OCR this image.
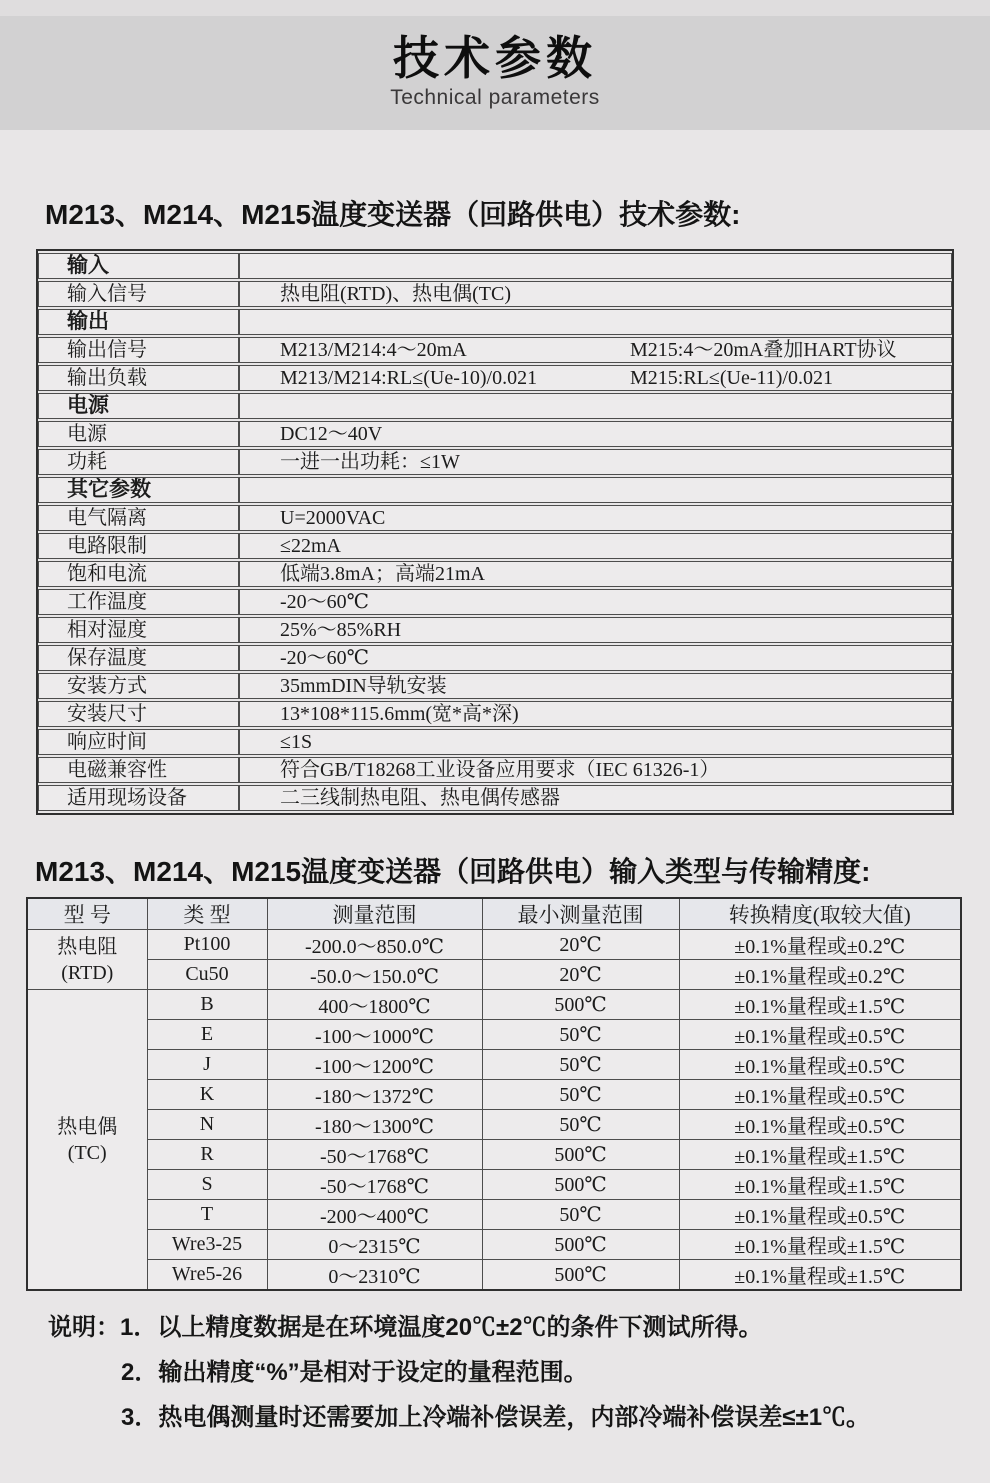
技术参数
Technical parameters
M213、M214、M215温度变送器（回路供电）技术参数:
输入	
输入信号	热电阻(RTD)、热电偶(TC)
输出	
输出信号	M213/M214:4～20mA M215:4～20mA叠加HART协议
输出负载	M213/M214:RL≤(Ue-10)/0.021 M215:RL≤(Ue-11)/0.021
电源	
电源	DC12～40V
功耗	一进一出功耗：≤1W
其它参数	
电气隔离	U=2000VAC
电路限制	≤22mA
饱和电流	低端3.8mA；高端21mA
工作温度	-20～60℃
相对湿度	25%～85%RH
保存温度	-20～60℃
安装方式	35mmDIN导轨安装
安装尺寸	13*108*115.6mm(宽*高*深)
响应时间	≤1S
电磁兼容性	符合GB/T18268工业设备应用要求（IEC 61326-1）
适用现场设备	二三线制热电阻、热电偶传感器
M213、M214、M215温度变送器（回路供电）输入类型与传输精度:
型 号	类 型	测量范围	最小测量范围	转换精度(取较大值)
热电阻
(RTD)	Pt100	-200.0～850.0℃	20℃	±0.1%量程或±0.2℃
	Cu50	-50.0～150.0℃	20℃	±0.1%量程或±0.2℃
热电偶
(TC)	B	400～1800℃	500℃	±0.1%量程或±1.5℃
	E	-100～1000℃	50℃	±0.1%量程或±0.5℃
	J	-100～1200℃	50℃	±0.1%量程或±0.5℃
	K	-180～1372℃	50℃	±0.1%量程或±0.5℃
	N	-180～1300℃	50℃	±0.1%量程或±0.5℃
	R	-50～1768℃	500℃	±0.1%量程或±1.5℃
	S	-50～1768℃	500℃	±0.1%量程或±1.5℃
	T	-200～400℃	50℃	±0.1%量程或±0.5℃
	Wre3-25	0～2315℃	500℃	±0.1%量程或±1.5℃
	Wre5-26	0～2310℃	500℃	±0.1%量程或±1.5℃
说明：1．以上精度数据是在环境温度20℃±2℃的条件下测试所得。
2．输出精度“%”是相对于设定的量程范围。
3．热电偶测量时还需要加上冷端补偿误差，内部冷端补偿误差≤±1℃。
